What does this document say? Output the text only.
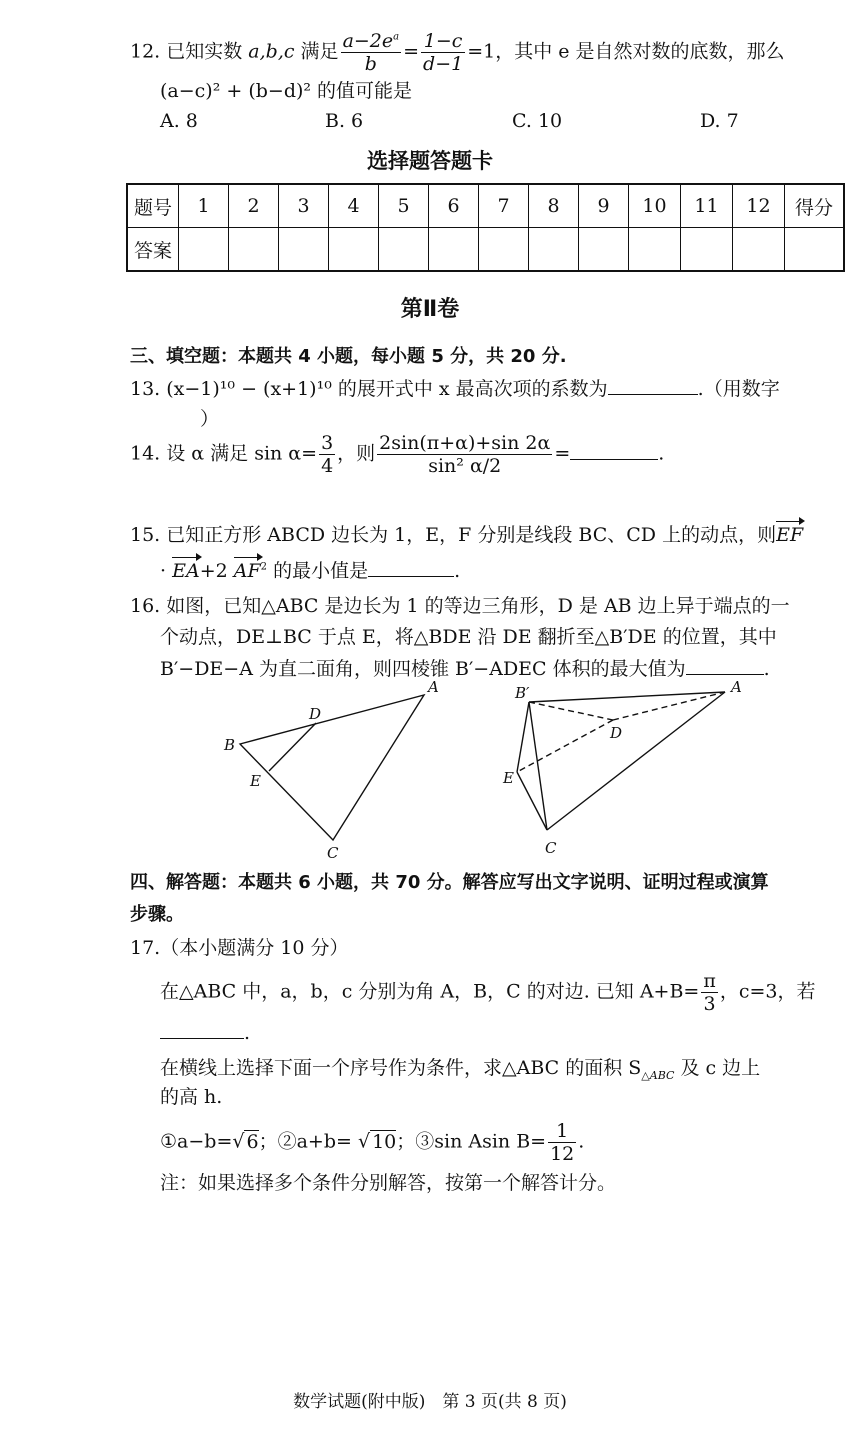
12. 已知实数 a,b,c 满足 $\frac{a-2e^a}{b} = \frac{1-c}{d-1} =1$，其中 e 是自然对数的底数，那么
(a−c)² + (b−d)² 的值可能是
A. 8	B. 6	C. 10	D. 7
选择题答题卡
题号	1	2	3	4	5	6	7	8	9	10	11	12	得分
答案													
第Ⅱ卷
三、填空题：本题共 4 小题，每小题 5 分，共 20 分.
13. (x−1)¹⁰ − (x+1)¹⁰ 的展开式中 x 最高次项的系数为	.（用数字
）
14. 设 α 满足 $\sin \alpha= \frac{3}{4}$ ，则 $\frac{2\sin(\pi+\alpha)+\sin 2\alpha}{\text{sin² α/2}}$ =	.
15. 已知正方形 ABCD 边长为 1，E，F 分别是线段 BC、CD 上的动点，则EF
· EA+2 $AF^2$ 的最小值是	.
16. 如图，已知△ABC 是边长为 1 的等边三角形，D 是 AB 边上异于端点的一
个动点，DE⊥BC 于点 E，将△BDE 沿 DE 翻折至△B′DE 的位置，其中
B′−DE−A 为直二面角，则四棱锥 B′−ADEC 体积的最大值为	.
A
B
C
D
E
B′	A
D
E
C
四、解答题：本题共 6 小题，共 70 分。解答应写出文字说明、证明过程或演算
步骤。
17.（本小题满分 10 分）
在△ABC 中，a，b，c 分别为角 A，B，C 的对边. 已知 $A+B= \frac{\pi}{3}$ ，c=3，若
.
在横线上选择下面一个序号作为条件，求△ABC 的面积 $S_{\triangle ABC}$ 及 c 边上
的高 h.
①a−b=√ 6；②a+b= √ 10；③sin Asin $B= \frac{1}{12}$ .
注：如果选择多个条件分别解答，按第一个解答计分。
数学试题(附中版)　第 3 页(共 8 页)
